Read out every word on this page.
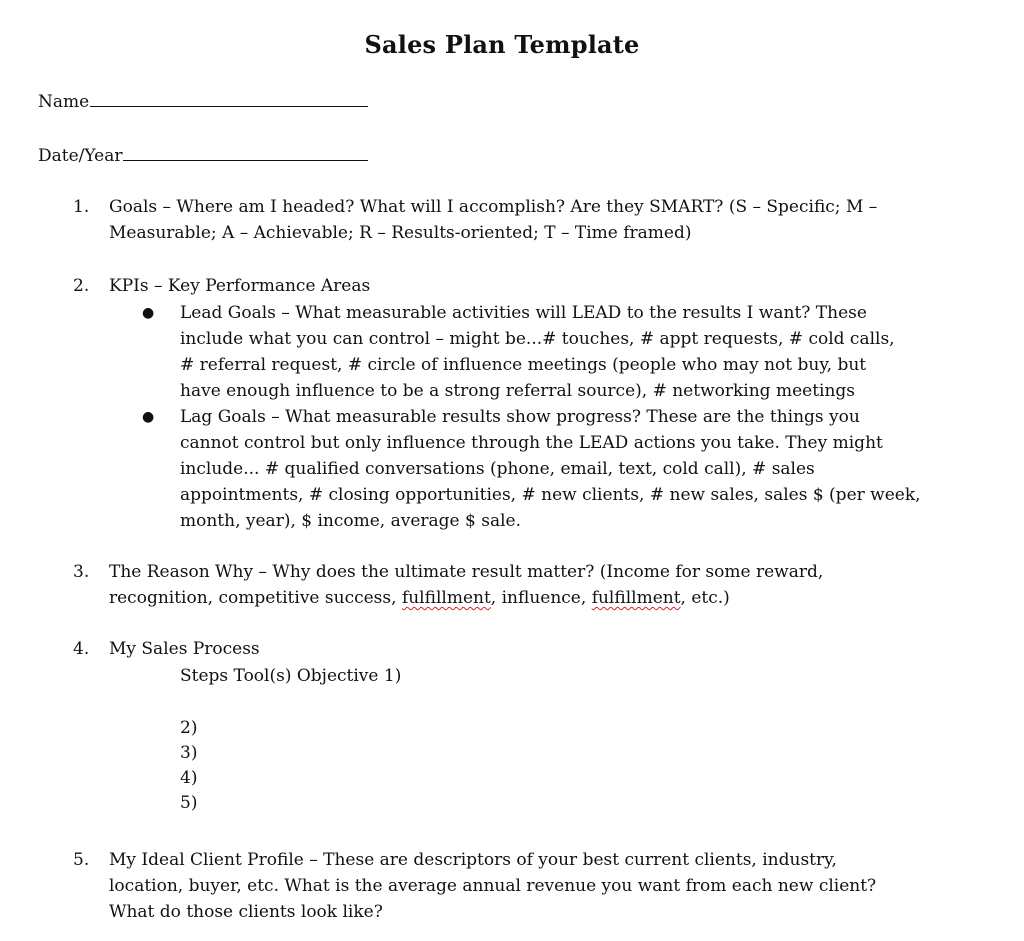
Sales Plan Template
Name
Date/Year
1. Goals – Where am I headed? What will I accomplish? Are they SMART? (S – Specific; M –
Measurable; A – Achievable; R – Results-oriented; T – Time framed)
2. KPIs – Key Performance Areas
● Lead Goals – What measurable activities will LEAD to the results I want? These
include what you can control – might be...# touches, # appt requests, # cold calls,
# referral request, # circle of influence meetings (people who may not buy, but
have enough influence to be a strong referral source), # networking meetings
● Lag Goals – What measurable results show progress? These are the things you
cannot control but only influence through the LEAD actions you take. They might
include... # qualified conversations (phone, email, text, cold call), # sales
appointments, # closing opportunities, # new clients, # new sales, sales $ (per week,
month, year), $ income, average $ sale.
3. The Reason Why – Why does the ultimate result matter? (Income for some reward,
recognition, competitive success, fulfillment, influence, fulfillment, etc.)
4. My Sales Process
Steps Tool(s) Objective 1)
2)
3)
4)
5)
5. My Ideal Client Profile – These are descriptors of your best current clients, industry,
location, buyer, etc. What is the average annual revenue you want from each new client?
What do those clients look like?
